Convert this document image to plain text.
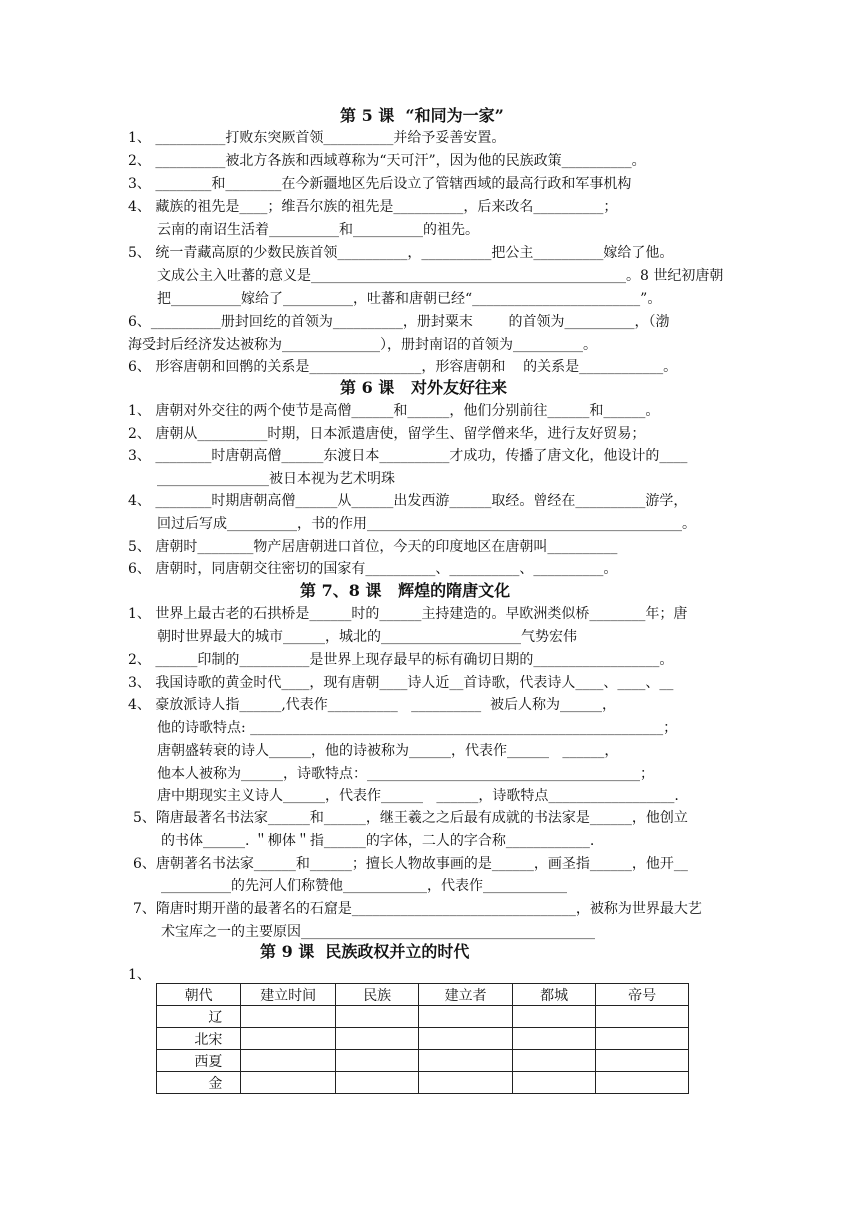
第 5 课  “和同为一家”
1、 __________打败东突厥首领__________并给予妥善安置。
2、 __________被北方各族和西域尊称为“天可汗”，因为他的民族政策__________。
3、 ________和________在今新疆地区先后设立了管辖西域的最高行政和军事机构
4、 藏族的祖先是____；维吾尔族的祖先是__________，后来改名__________；
云南的南诏生活着__________和__________的祖先。
5、 统一青藏高原的少数民族首领__________，__________把公主__________嫁给了他。
文成公主入吐蕃的意义是_____________________________________________。8 世纪初唐朝
把__________嫁给了__________，吐蕃和唐朝已经“________________________”。
6、__________册封回纥的首领为__________，册封粟末        的首领为__________，（渤
海受封后经济发达被称为______________），册封南诏的首领为__________。
6、 形容唐朝和回鹘的关系是________________，形容唐朝和    的关系是____________。
第 6 课   对外友好往来
1、 唐朝对外交往的两个使节是高僧______和______，他们分别前往______和______。
2、 唐朝从__________时期，日本派遣唐使，留学生、留学僧来华，进行友好贸易；
3、 ________时唐朝高僧______东渡日本__________才成功，传播了唐文化，他设计的____
________________被日本视为艺术明珠
4、 ________时期唐朝高僧______从______出发西游______取经。曾经在__________游学，
回过后写成__________，书的作用_____________________________________________。
5、 唐朝时________物产居唐朝进口首位，今天的印度地区在唐朝叫__________
6、 唐朝时，同唐朝交往密切的国家有__________、__________、__________。
第 7、8 课   辉煌的隋唐文化
1、 世界上最古老的石拱桥是______时的______主持建造的。早欧洲类似桥________年；唐
朝时世界最大的城市______，城北的____________________气势宏伟
2、 ______印制的__________是世界上现存最早的标有确切日期的__________________。
3、 我国诗歌的黄金时代____，现有唐朝____诗人近__首诗歌，代表诗人____、____、__
4、 豪放派诗人指______,代表作__________   __________  被后人称为______，
他的诗歌特点: ___________________________________________________________；
唐朝盛转衰的诗人______，他的诗被称为______，代表作______   ______，
他本人被称为______，诗歌特点：_______________________________________；
唐中期现实主义诗人______，代表作______   ______，诗歌特点__________________.
5、隋唐最著名书法家______和______，继王羲之之后最有成就的书法家是______，他创立
的书体______. ＂柳体＂指______的字体，二人的字合称____________.
6、唐朝著名书法家______和______；擅长人物故事画的是______，画圣指______，他开__
__________的先河人们称赞他____________，代表作____________
7、隋唐时期开凿的最著名的石窟是________________________________，被称为世界最大艺
术宝库之一的主要原因__________________________________________
第 9 课  民族政权并立的时代
1、
朝代	建立时间	民族	建立者	都城	帝号
辽					
北宋					
西夏					
金					
